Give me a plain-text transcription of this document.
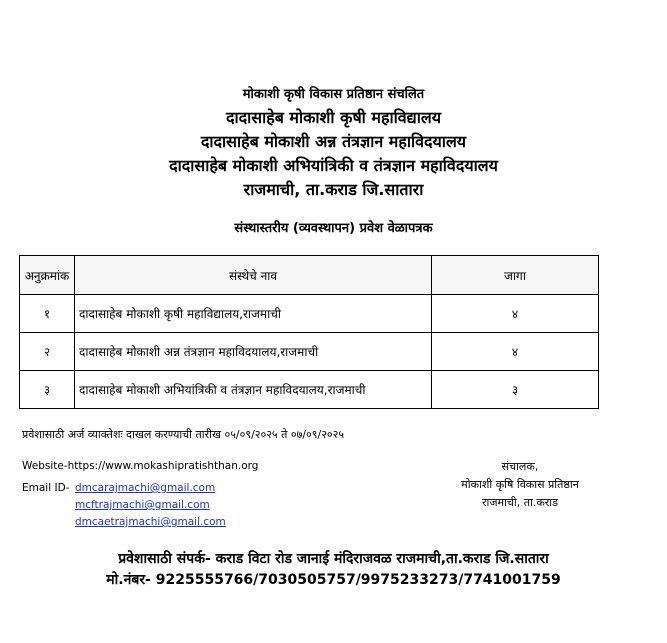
मोकाशी कृषी विकास प्रतिष्ठान संचलित
दादासाहेब मोकाशी कृषी महाविद्यालय
दादासाहेब मोकाशी अन्न तंत्रज्ञान महाविदयालय
दादासाहेब मोकाशी अभियांत्रिकी व तंत्रज्ञान महाविदयालय
राजमाची, ता.कराड जि.सातारा
संस्थास्तरीय (व्यवस्थापन) प्रवेश वेळापत्रक
अनुक्रमांक	संस्थेचे नाव	जागा
१	दादासाहेब मोकाशी कृषी महाविद्यालय,राजमाची	४
२	दादासाहेब मोकाशी अन्न तंत्रज्ञान महाविदयालय,राजमाची	४
३	दादासाहेब मोकाशी अभियांत्रिकी व तंत्रज्ञान महाविदयालय,राजमाची	३
प्रवेशासाठी अर्ज व्याक्तेशः दाखल करण्याची तारीख ०५/०९/२०२५ ते ०७/०९/२०२५
Website-https://www.mokashipratishthan.org
Email ID- dmcarajmachi@gmail.com
mcftrajmachi@gmail.com
dmcaetrajmachi@gmail.com
संचालक,
मोकाशी कृषि विकास प्रतिष्ठान
राजमाची, ता.कराड
प्रवेशासाठी संपर्क- कराड विटा रोड जानाई मंदिराजवळ राजमाची,ता.कराड जि.सातारा
मो.नंबर- 9225555766/7030505757/9975233273/7741001759
